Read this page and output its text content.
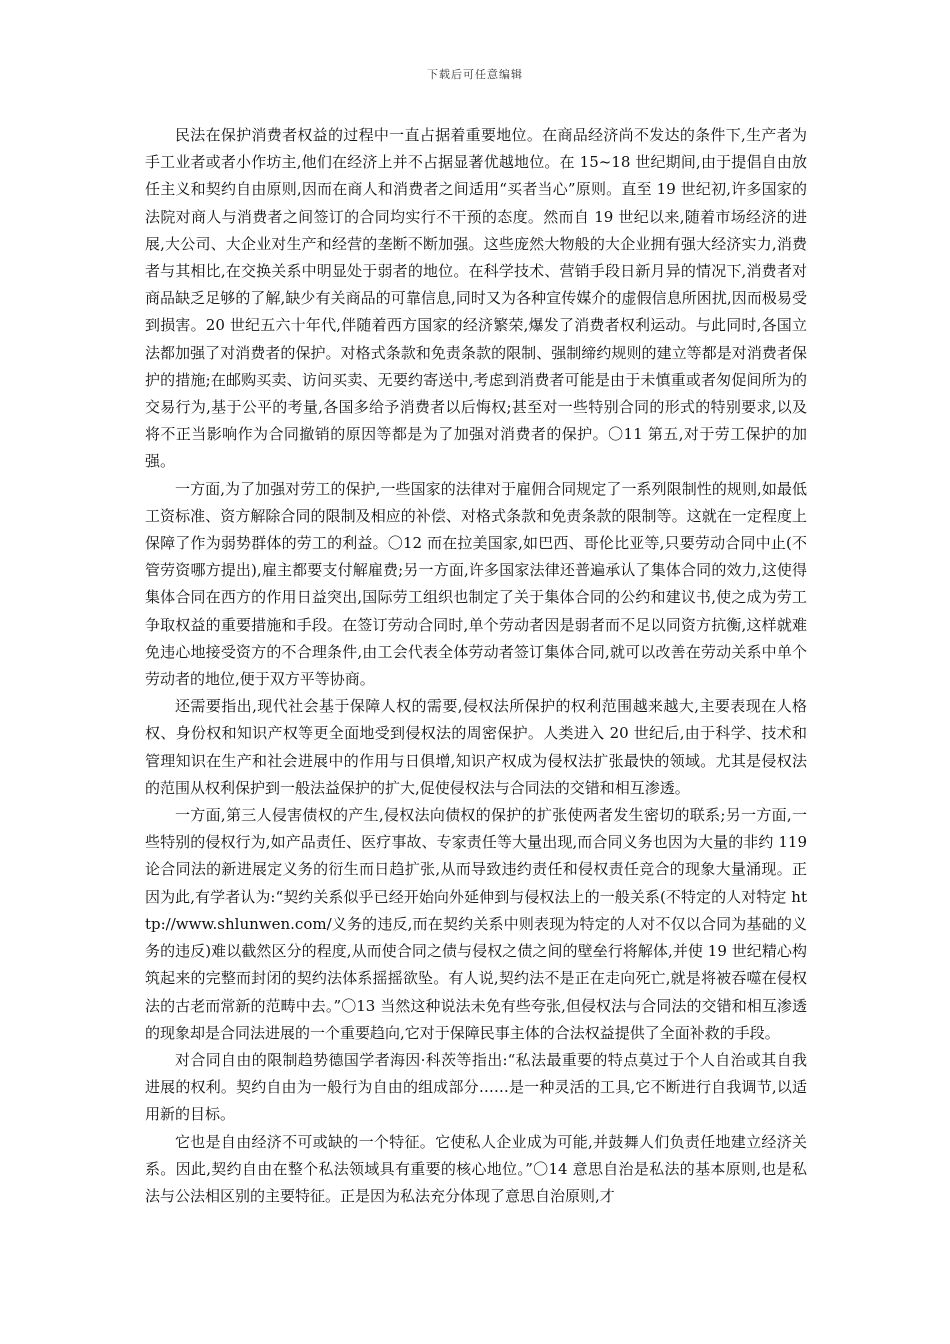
下载后可任意编辑

民法在保护消费者权益的过程中一直占据着重要地位。在商品经济尚不发达的条件下,生产者为手工业者或者小作坊主,他们在经济上并不占据显著优越地位。在 15~18 世纪期间,由于提倡自由放任主义和契约自由原则,因而在商人和消费者之间适用“买者当心”原则。直至 19 世纪初,许多国家的法院对商人与消费者之间签订的合同均实行不干预的态度。然而自 19 世纪以来,随着市场经济的进展,大公司、大企业对生产和经营的垄断不断加强。这些庞然大物般的大企业拥有强大经济实力,消费者与其相比,在交换关系中明显处于弱者的地位。在科学技术、营销手段日新月异的情况下,消费者对商品缺乏足够的了解,缺少有关商品的可靠信息,同时又为各种宣传媒介的虚假信息所困扰,因而极易受到损害。20 世纪五六十年代,伴随着西方国家的经济繁荣,爆发了消费者权利运动。与此同时,各国立法都加强了对消费者的保护。对格式条款和免责条款的限制、强制缔约规则的建立等都是对消费者保护的措施;在邮购买卖、访问买卖、无要约寄送中,考虑到消费者可能是由于未慎重或者匆促间所为的交易行为,基于公平的考量,各国多给予消费者以后悔权;甚至对一些特别合同的形式的特别要求,以及将不正当影响作为合同撤销的原因等都是为了加强对消费者的保护。〇11 第五,对于劳工保护的加强。

一方面,为了加强对劳工的保护,一些国家的法律对于雇佣合同规定了一系列限制性的规则,如最低工资标准、资方解除合同的限制及相应的补偿、对格式条款和免责条款的限制等。这就在一定程度上保障了作为弱势群体的劳工的利益。〇12 而在拉美国家,如巴西、哥伦比亚等,只要劳动合同中止(不管劳资哪方提出),雇主都要支付解雇费;另一方面,许多国家法律还普遍承认了集体合同的效力,这使得集体合同在西方的作用日益突出,国际劳工组织也制定了关于集体合同的公约和建议书,使之成为劳工争取权益的重要措施和手段。在签订劳动合同时,单个劳动者因是弱者而不足以同资方抗衡,这样就难免违心地接受资方的不合理条件,由工会代表全体劳动者签订集体合同,就可以改善在劳动关系中单个劳动者的地位,便于双方平等协商。

还需要指出,现代社会基于保障人权的需要,侵权法所保护的权利范围越来越大,主要表现在人格权、身份权和知识产权等更全面地受到侵权法的周密保护。人类进入 20 世纪后,由于科学、技术和管理知识在生产和社会进展中的作用与日俱增,知识产权成为侵权法扩张最快的领域。尤其是侵权法的范围从权利保护到一般法益保护的扩大,促使侵权法与合同法的交错和相互渗透。

一方面,第三人侵害债权的产生,侵权法向债权的保护的扩张使两者发生密切的联系;另一方面,一些特别的侵权行为,如产品责任、医疗事故、专家责任等大量出现,而合同义务也因为大量的非约 119 论合同法的新进展定义务的衍生而日趋扩张,从而导致违约责任和侵权责任竞合的现象大量涌现。正因为此,有学者认为:“契约关系似乎已经开始向外延伸到与侵权法上的一般关系(不特定的人对特定 http://www.shlunwen.com/义务的违反,而在契约关系中则表现为特定的人对不仅以合同为基础的义务的违反)难以截然区分的程度,从而使合同之债与侵权之债之间的壁垒行将解体,并使 19 世纪精心构筑起来的完整而封闭的契约法体系摇摇欲坠。有人说,契约法不是正在走向死亡,就是将被吞噬在侵权法的古老而常新的范畴中去。”〇13 当然这种说法未免有些夸张,但侵权法与合同法的交错和相互渗透的现象却是合同法进展的一个重要趋向,它对于保障民事主体的合法权益提供了全面补救的手段。

对合同自由的限制趋势德国学者海因·科茨等指出:“私法最重要的特点莫过于个人自治或其自我进展的权利。契约自由为一般行为自由的组成部分……是一种灵活的工具,它不断进行自我调节,以适用新的目标。

它也是自由经济不可或缺的一个特征。它使私人企业成为可能,并鼓舞人们负责任地建立经济关系。因此,契约自由在整个私法领域具有重要的核心地位。”〇14 意思自治是私法的基本原则,也是私法与公法相区别的主要特征。正是因为私法充分体现了意思自治原则,才
